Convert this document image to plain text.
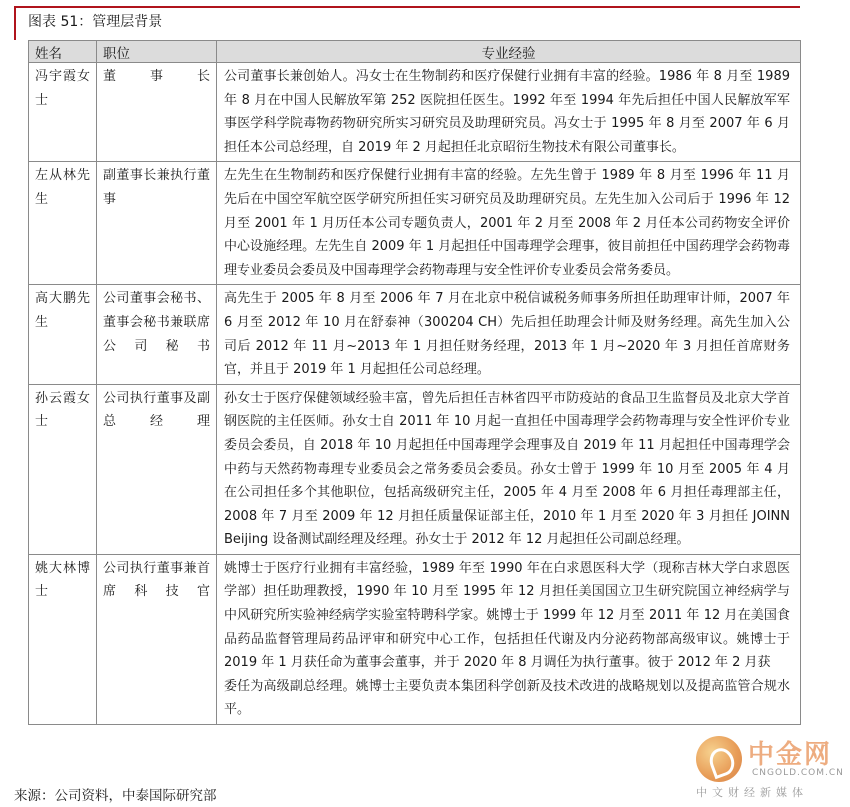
图表 51：管理层背景
姓名	职位	专业经验
冯宇霞女士	董事长	公司董事长兼创始人。冯女士在生物制药和医疗保健行业拥有丰富的经验。1986 年 8 月至 1989 年 8 月在中国人民解放军第 252 医院担任医生。1992 年至 1994 年先后担任中国人民解放军军事医学科学院毒物药物研究所实习研究员及助理研究员。冯女士于 1995 年 8 月至 2007 年 6 月担任本公司总经理，自 2019 年 2 月起担任北京昭衍生物技术有限公司董事长。
左从林先生	副董事长兼执行董事	左先生在生物制药和医疗保健行业拥有丰富的经验。左先生曾于 1989 年 8 月至 1996 年 11 月先后在中国空军航空医学研究所担任实习研究员及助理研究员。左先生加入公司后于 1996 年 12 月至 2001 年 1 月历任本公司专题负责人，2001 年 2 月至 2008 年 2 月任本公司药物安全评价中心设施经理。左先生自 2009 年 1 月起担任中国毒理学会理事，彼目前担任中国药理学会药物毒理专业委员会委员及中国毒理学会药物毒理与安全性评价专业委员会常务委员。
高大鹏先生	公司董事会秘书、董事会秘书兼联席公司秘书	高先生于 2005 年 8 月至 2006 年 7 月在北京中税信诚税务师事务所担任助理审计师，2007 年 6 月至 2012 年 10 月在舒泰神（300204 CH）先后担任助理会计师及财务经理。高先生加入公司后 2012 年 11 月~2013 年 1 月担任财务经理，2013 年 1 月~2020 年 3 月担任首席财务官，并且于 2019 年 1 月起担任公司总经理。
孙云霞女士	公司执行董事及副总经理	孙女士于医疗保健领域经验丰富，曾先后担任吉林省四平市防疫站的食品卫生监督员及北京大学首钢医院的主任医师。孙女士自 2011 年 10 月起一直担任中国毒理学会药物毒理与安全性评价专业委员会委员，自 2018 年 10 月起担任中国毒理学会理事及自 2019 年 11 月起担任中国毒理学会中药与天然药物毒理专业委员会之常务委员会委员。孙女士曾于 1999 年 10 月至 2005 年 4 月在公司担任多个其他职位，包括高级研究主任，2005 年 4 月至 2008 年 6 月担任毒理部主任，2008 年 7 月至 2009 年 12 月担任质量保证部主任，2010 年 1 月至 2020 年 3 月担任 JOINN Beijing 设备测试副经理及经理。孙女士于 2012 年 12 月起担任公司副总经理。
姚大林博士	公司执行董事兼首席科技官	姚博士于医疗行业拥有丰富经验，1989 年至 1990 年在白求恩医科大学（现称吉林大学白求恩医学部）担任助理教授，1990 年 10 月至 1995 年 12 月担任美国国立卫生研究院国立神经病学与中风研究所实验神经病学实验室特聘科学家。姚博士于 1999 年 12 月至 2011 年 12 月在美国食品药品监督管理局药品评审和研究中心工作，包括担任代谢及内分泌药物部高级审议。姚博士于 2019 年 1 月获任命为董事会董事，并于 2020 年 8 月调任为执行董事。彼于 2012 年 2 月获
委任为高级副总经理。姚博士主要负责本集团科学创新及技术改进的战略规划以及提高监管合规水平。
来源：公司资料，中泰国际研究部
中金网
CNGOLD.COM.CN
中文财经新媒体
